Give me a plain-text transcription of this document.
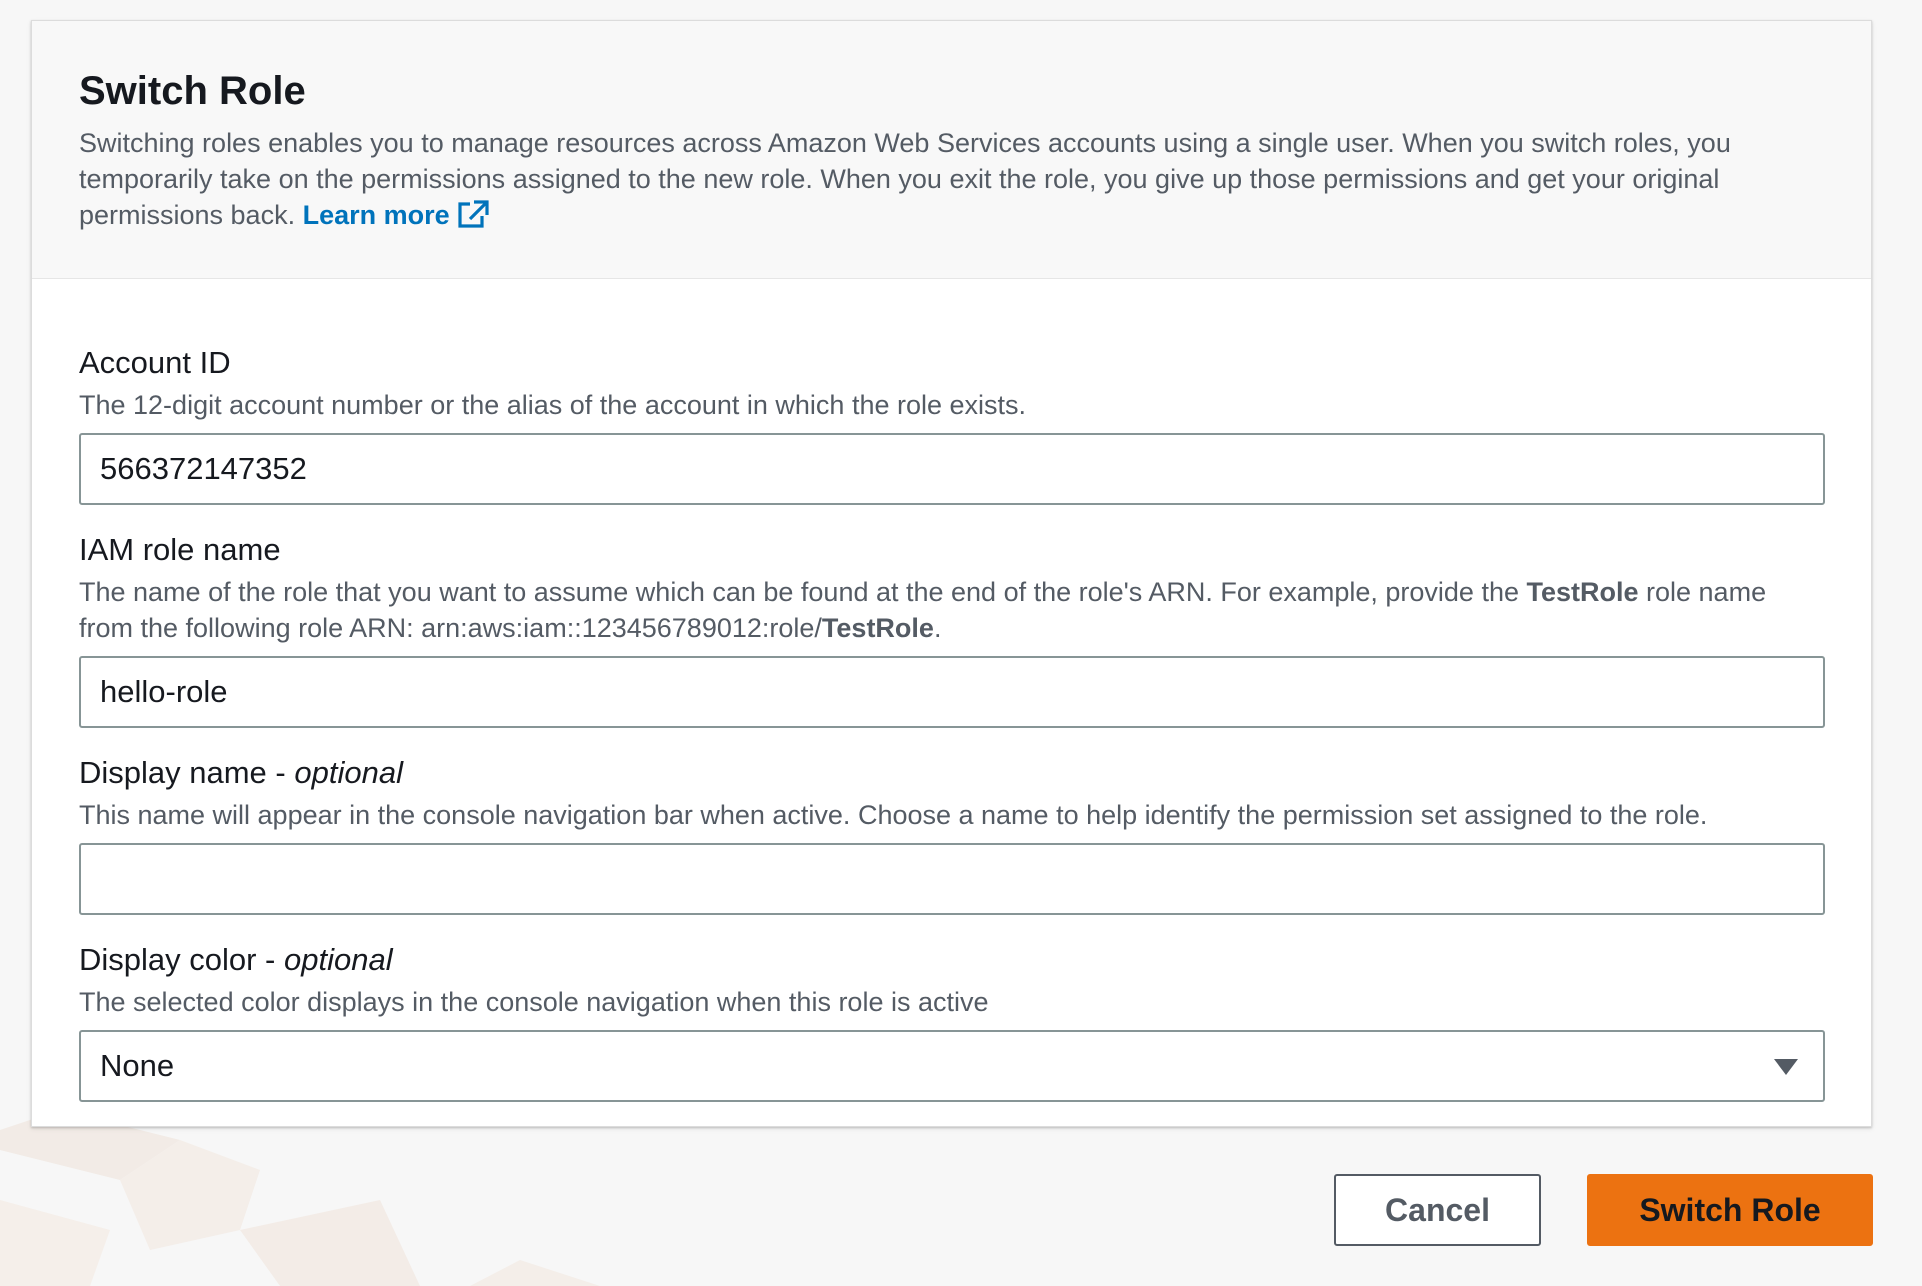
Switch Role
Switching roles enables you to manage resources across Amazon Web Services accounts using a single user. When you switch roles, you temporarily take on the permissions assigned to the new role. When you exit the role, you give up those permissions and get your original permissions back. Learn more
Account ID
The 12-digit account number or the alias of the account in which the role exists.
566372147352
IAM role name
The name of the role that you want to assume which can be found at the end of the role's ARN. For example, provide the TestRole role name from the following role ARN: arn:aws:iam::123456789012:role/TestRole.
hello-role
Display name - optional
This name will appear in the console navigation bar when active. Choose a name to help identify the permission set assigned to the role.
Display color - optional
The selected color displays in the console navigation when this role is active
None
Cancel	Switch Role
